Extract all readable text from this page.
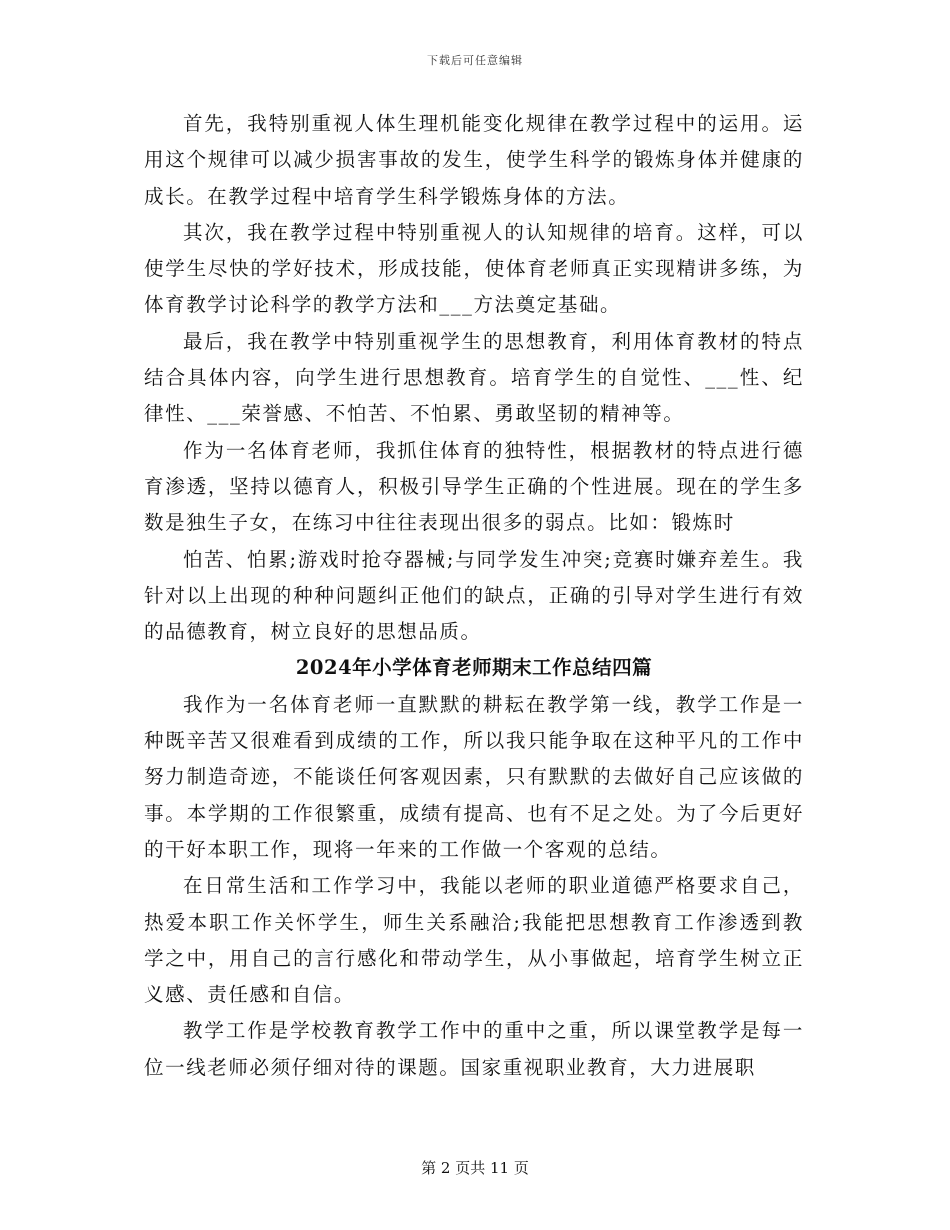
下载后可任意编辑

首先，我特别重视人体生理机能变化规律在教学过程中的运用。运用这个规律可以减少损害事故的发生，使学生科学的锻炼身体并健康的成长。在教学过程中培育学生科学锻炼身体的方法。

其次，我在教学过程中特别重视人的认知规律的培育。这样，可以使学生尽快的学好技术，形成技能，使体育老师真正实现精讲多练，为体育教学讨论科学的教学方法和___方法奠定基础。

最后，我在教学中特别重视学生的思想教育，利用体育教材的特点结合具体内容，向学生进行思想教育。培育学生的自觉性、___性、纪律性、___荣誉感、不怕苦、不怕累、勇敢坚韧的精神等。

作为一名体育老师，我抓住体育的独特性，根据教材的特点进行德育渗透，坚持以德育人，积极引导学生正确的个性进展。现在的学生多数是独生子女，在练习中往往表现出很多的弱点。比如：锻炼时

怕苦、怕累;游戏时抢夺器械;与同学发生冲突;竞赛时嫌弃差生。我针对以上出现的种种问题纠正他们的缺点，正确的引导对学生进行有效的品德教育，树立良好的思想品质。

2024年小学体育老师期末工作总结四篇

我作为一名体育老师一直默默的耕耘在教学第一线，教学工作是一种既辛苦又很难看到成绩的工作，所以我只能争取在这种平凡的工作中努力制造奇迹，不能谈任何客观因素，只有默默的去做好自己应该做的事。本学期的工作很繁重，成绩有提高、也有不足之处。为了今后更好的干好本职工作，现将一年来的工作做一个客观的总结。

在日常生活和工作学习中，我能以老师的职业道德严格要求自己，热爱本职工作关怀学生，师生关系融洽;我能把思想教育工作渗透到教学之中，用自己的言行感化和带动学生，从小事做起，培育学生树立正义感、责任感和自信。

教学工作是学校教育教学工作中的重中之重，所以课堂教学是每一位一线老师必须仔细对待的课题。国家重视职业教育，大力进展职

第 2 页共 11 页
